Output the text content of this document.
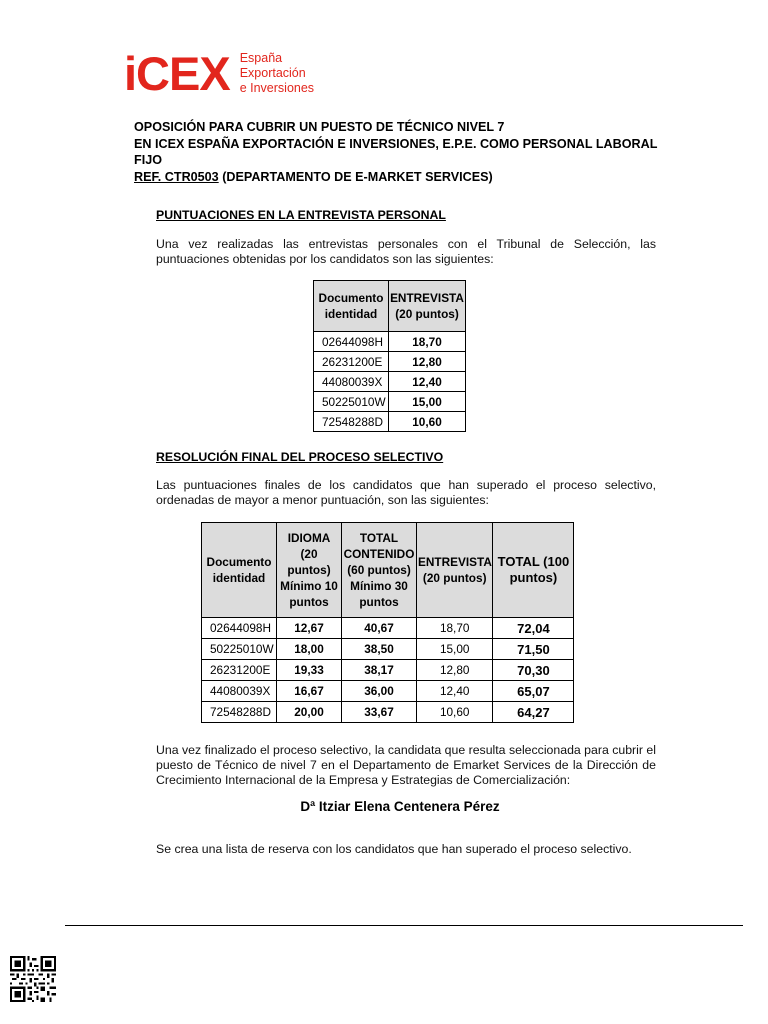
iCEX España
Exportación
e Inversiones
OPOSICIÓN PARA CUBRIR UN PUESTO DE TÉCNICO NIVEL 7
EN ICEX ESPAÑA EXPORTACIÓN E INVERSIONES, E.P.E. COMO PERSONAL LABORAL FIJO
REF. CTR0503 (DEPARTAMENTO DE E-MARKET SERVICES)
PUNTUACIONES EN LA ENTREVISTA PERSONAL
Una vez realizadas las entrevistas personales con el Tribunal de Selección, las puntuaciones obtenidas por los candidatos son las siguientes:
Documento identidad	ENTREVISTA (20 puntos)
02644098H	18,70
26231200E	12,80
44080039X	12,40
50225010W	15,00
72548288D	10,60
RESOLUCIÓN FINAL DEL PROCESO SELECTIVO
Las puntuaciones finales de los candidatos que han superado el proceso selectivo, ordenadas de mayor a menor puntuación, son las siguientes:
Documento identidad	IDIOMA (20 puntos) Mínimo 10 puntos	TOTAL CONTENIDO (60 puntos) Mínimo 30 puntos	ENTREVISTA (20 puntos)	TOTAL (100 puntos)
02644098H	12,67	40,67	18,70	72,04
50225010W	18,00	38,50	15,00	71,50
26231200E	19,33	38,17	12,80	70,30
44080039X	16,67	36,00	12,40	65,07
72548288D	20,00	33,67	10,60	64,27
Una vez finalizado el proceso selectivo, la candidata que resulta seleccionada para cubrir el puesto de Técnico de nivel 7 en el Departamento de Emarket Services de la Dirección de Crecimiento Internacional de la Empresa y Estrategias de Comercialización:
Dª Itziar Elena Centenera Pérez
Se crea una lista de reserva con los candidatos que han superado el proceso selectivo.
